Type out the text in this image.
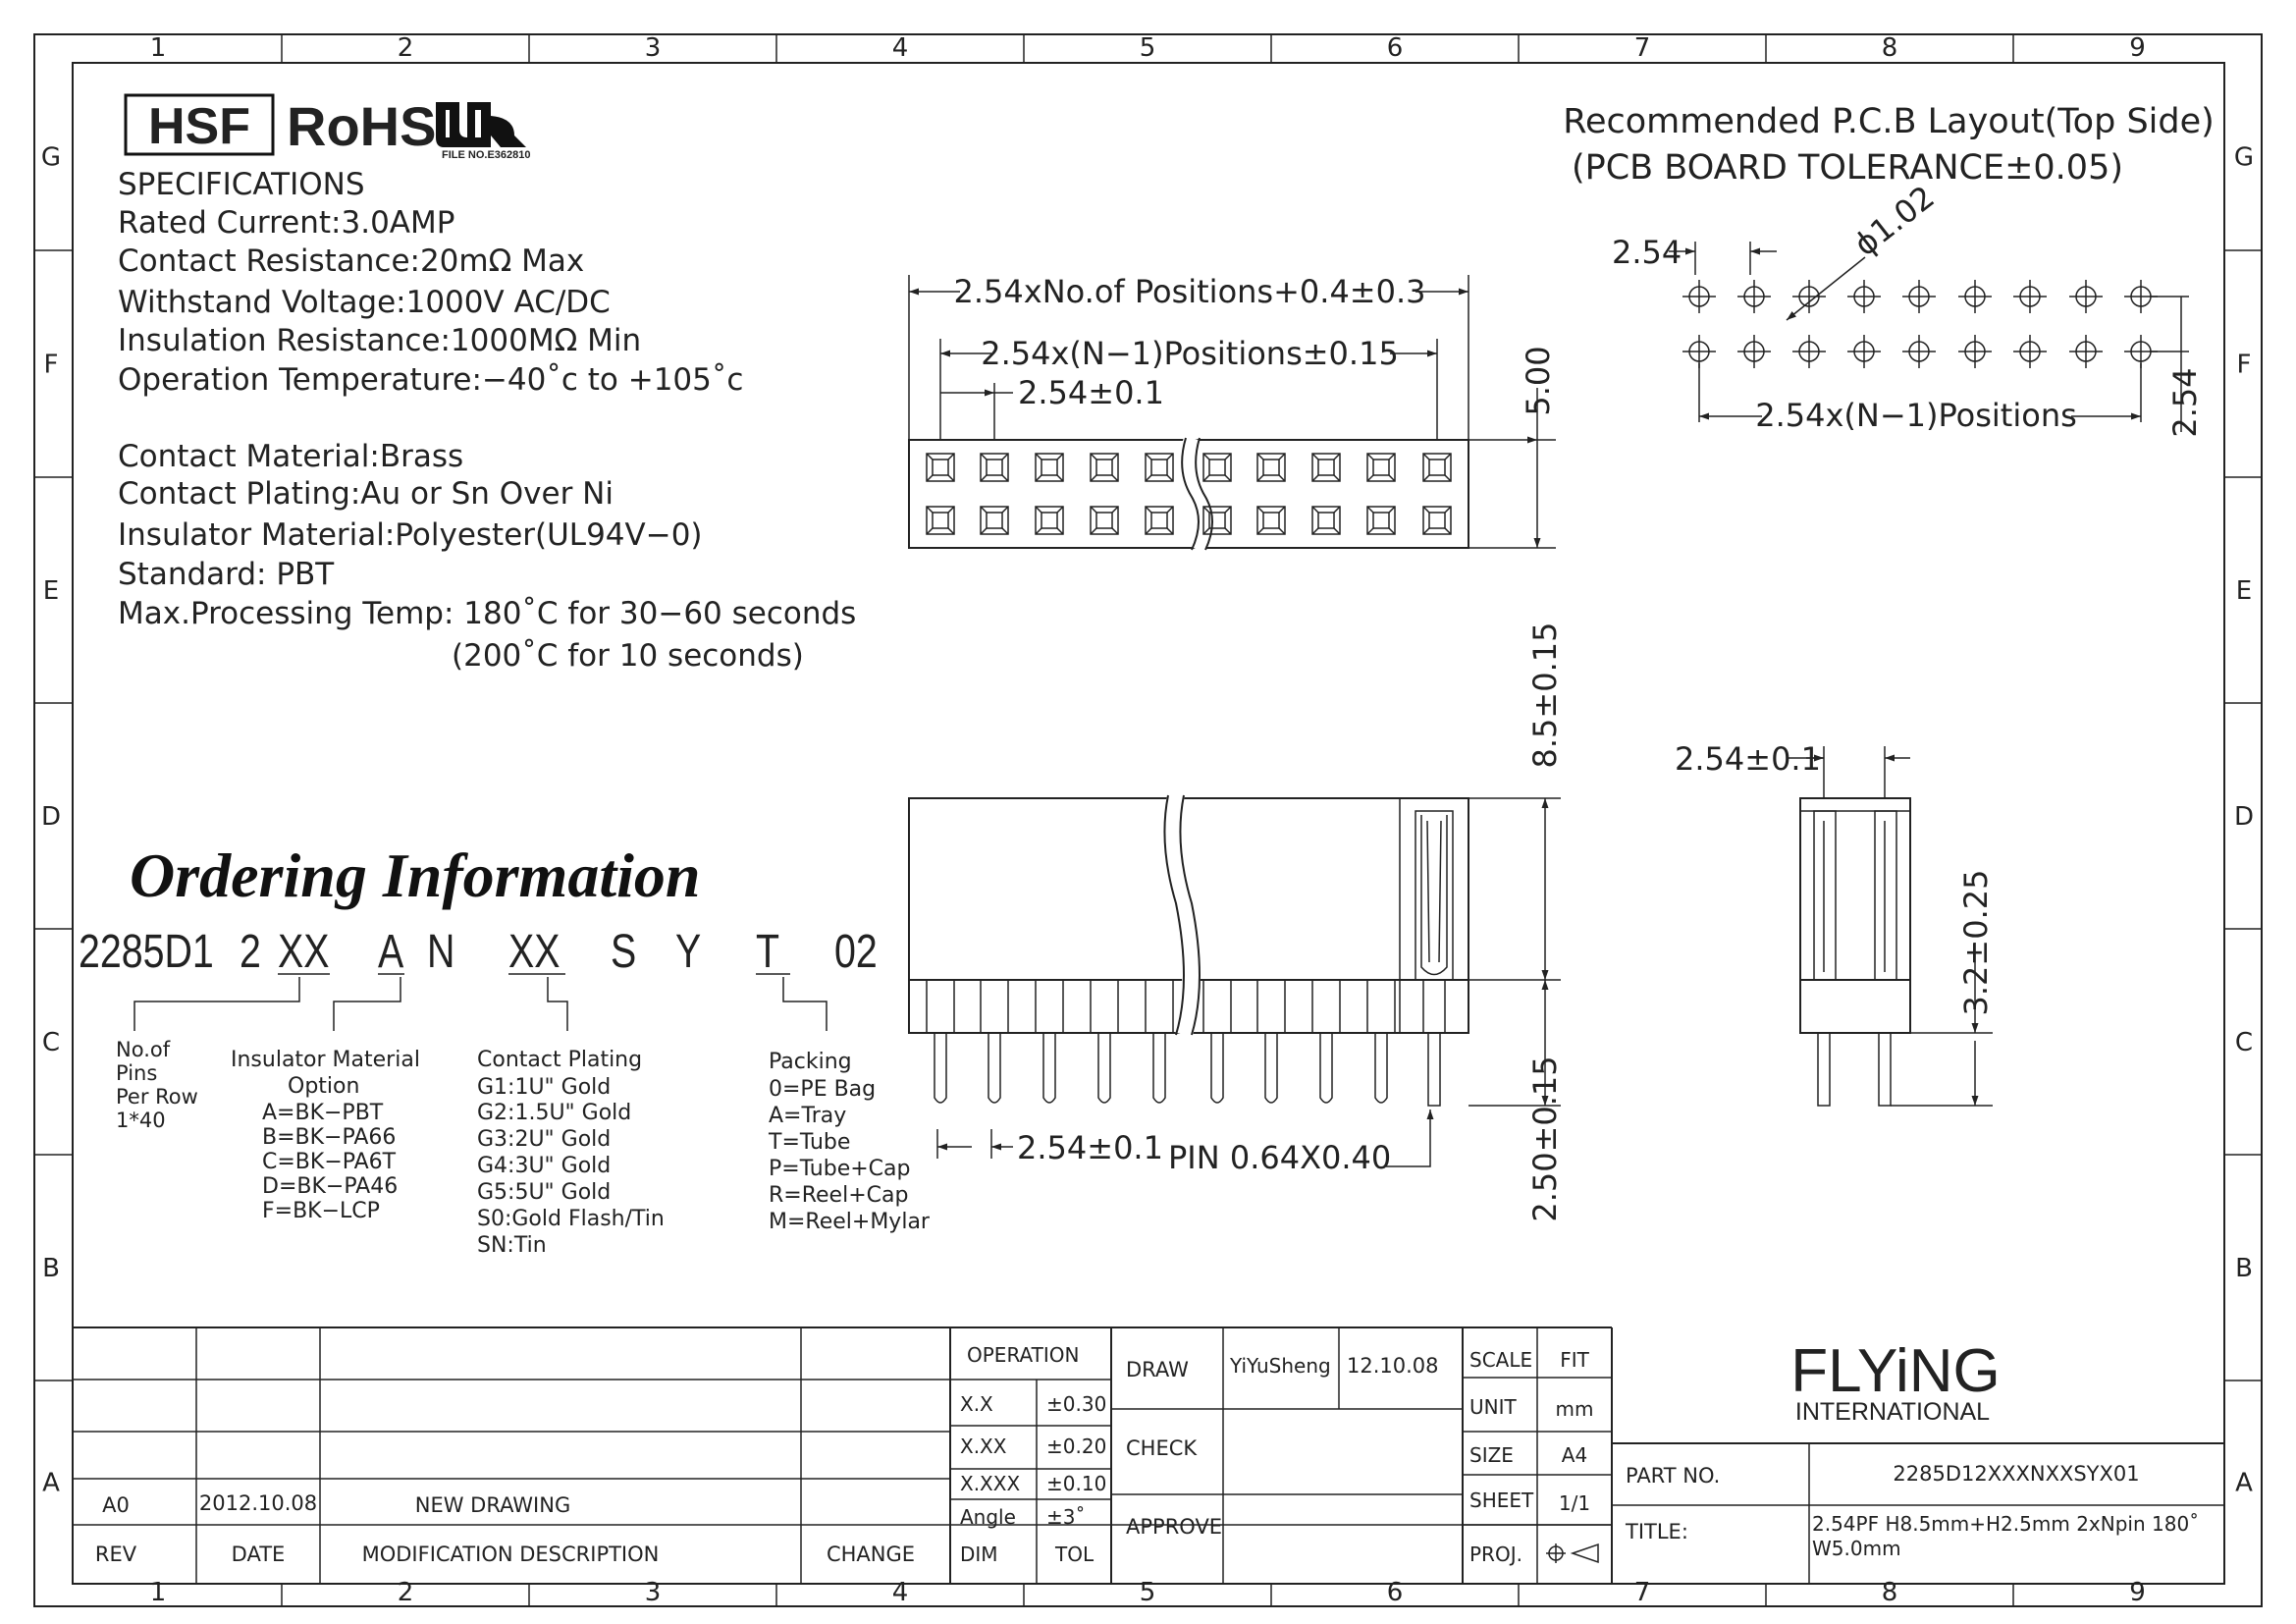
1
1
2
2
3
3
4
4
5
5
6
6
7
7
8
8
9
9
G	G
F	F
E	E
D	D
C	C
B	B
A	A
HSF RoHS FILE NO.E362810
SPECIFICATIONS
Rated Current:3.0AMP
Contact Resistance:20mΩ Max
Withstand Voltage:1000V AC/DC
Insulation Resistance:1000MΩ Min
Operation Temperature:−40˚c to +105˚c
Contact Material:Brass
Contact Plating:Au or Sn Over Ni
Insulator Material:Polyester(UL94V−0)
Standard: PBT
Max.Processing Temp: 180˚C for 30−60 seconds
(200˚C for 10 seconds)
Recommended P.C.B Layout(Top Side)
(PCB BOARD TOLERANCE±0.05)
2.54	ϕ1.02
2.54x(N−1)Positions	2.54
2.54xNo.of Positions+0.4±0.3
2.54x(N−1)Positions±0.15
2.54±0.1	5.00
8.5±0.15
2.50±0.15
2.54±0.1 PIN 0.64X0.40
2.54±0.1
3.2±0.25
Ordering Information
2285D1 2 XX A N XX S Y T 02
No.of
Pins
Per Row
1*40
Insulator Material
Option
A=BK−PBT
B=BK−PA66
C=BK−PA6T
D=BK−PA46
F=BK−LCP
Contact Plating
G1:1U" Gold
G2:1.5U" Gold
G3:2U" Gold
G4:3U" Gold
G5:5U" Gold
S0:Gold Flash/Tin
SN:Tin
Packing
0=PE Bag
A=Tray
T=Tube
P=Tube+Cap
R=Reel+Cap
M=Reel+Mylar
A0	2012.10.08	NEW DRAWING
REV	DATE	MODIFICATION DESCRIPTION	CHANGE
OPERATION
X.X	±0.30
X.XX ±0.20
X.XXX ±0.10
Angle ±3˚
DIM	TOL
DRAW YiYuSheng 12.10.08
CHECK
APPROVE
SCALE FIT
UNIT mm
SIZE A4
SHEET 1/1
PROJ.
FLYiNG
INTERNATIONAL
PART NO.	2285D12XXXNXXSYX01
TITLE:	2.54PF H8.5mm+H2.5mm 2xNpin 180˚
W5.0mm
